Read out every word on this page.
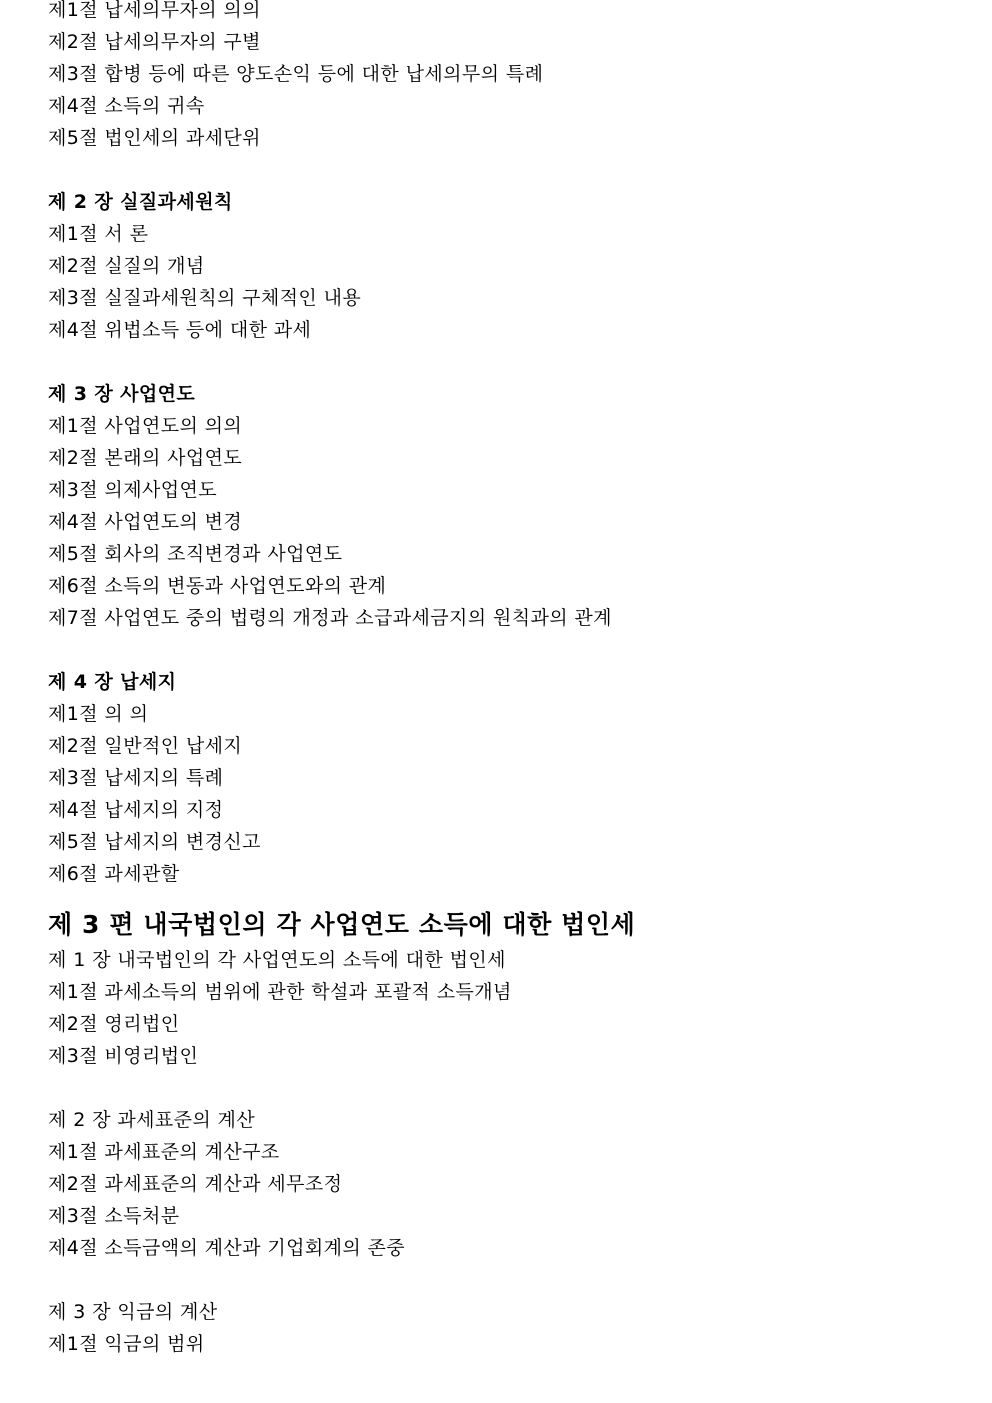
제1절 납세의무자의 의의
제2절 납세의무자의 구별
제3절 합병 등에 따른 양도손익 등에 대한 납세의무의 특례
제4절 소득의 귀속
제5절 법인세의 과세단위
제 2 장 실질과세원칙
제1절 서 론
제2절 실질의 개념
제3절 실질과세원칙의 구체적인 내용
제4절 위법소득 등에 대한 과세
제 3 장 사업연도
제1절 사업연도의 의의
제2절 본래의 사업연도
제3절 의제사업연도
제4절 사업연도의 변경
제5절 회사의 조직변경과 사업연도
제6절 소득의 변동과 사업연도와의 관계
제7절 사업연도 중의 법령의 개정과 소급과세금지의 원칙과의 관계
제 4 장 납세지
제1절 의 의
제2절 일반적인 납세지
제3절 납세지의 특례
제4절 납세지의 지정
제5절 납세지의 변경신고
제6절 과세관할
제 3 편 내국법인의 각 사업연도 소득에 대한 법인세
제 1 장 내국법인의 각 사업연도의 소득에 대한 법인세
제1절 과세소득의 범위에 관한 학설과 포괄적 소득개념
제2절 영리법인
제3절 비영리법인
제 2 장 과세표준의 계산
제1절 과세표준의 계산구조
제2절 과세표준의 계산과 세무조정
제3절 소득처분
제4절 소득금액의 계산과 기업회계의 존중
제 3 장 익금의 계산
제1절 익금의 범위
